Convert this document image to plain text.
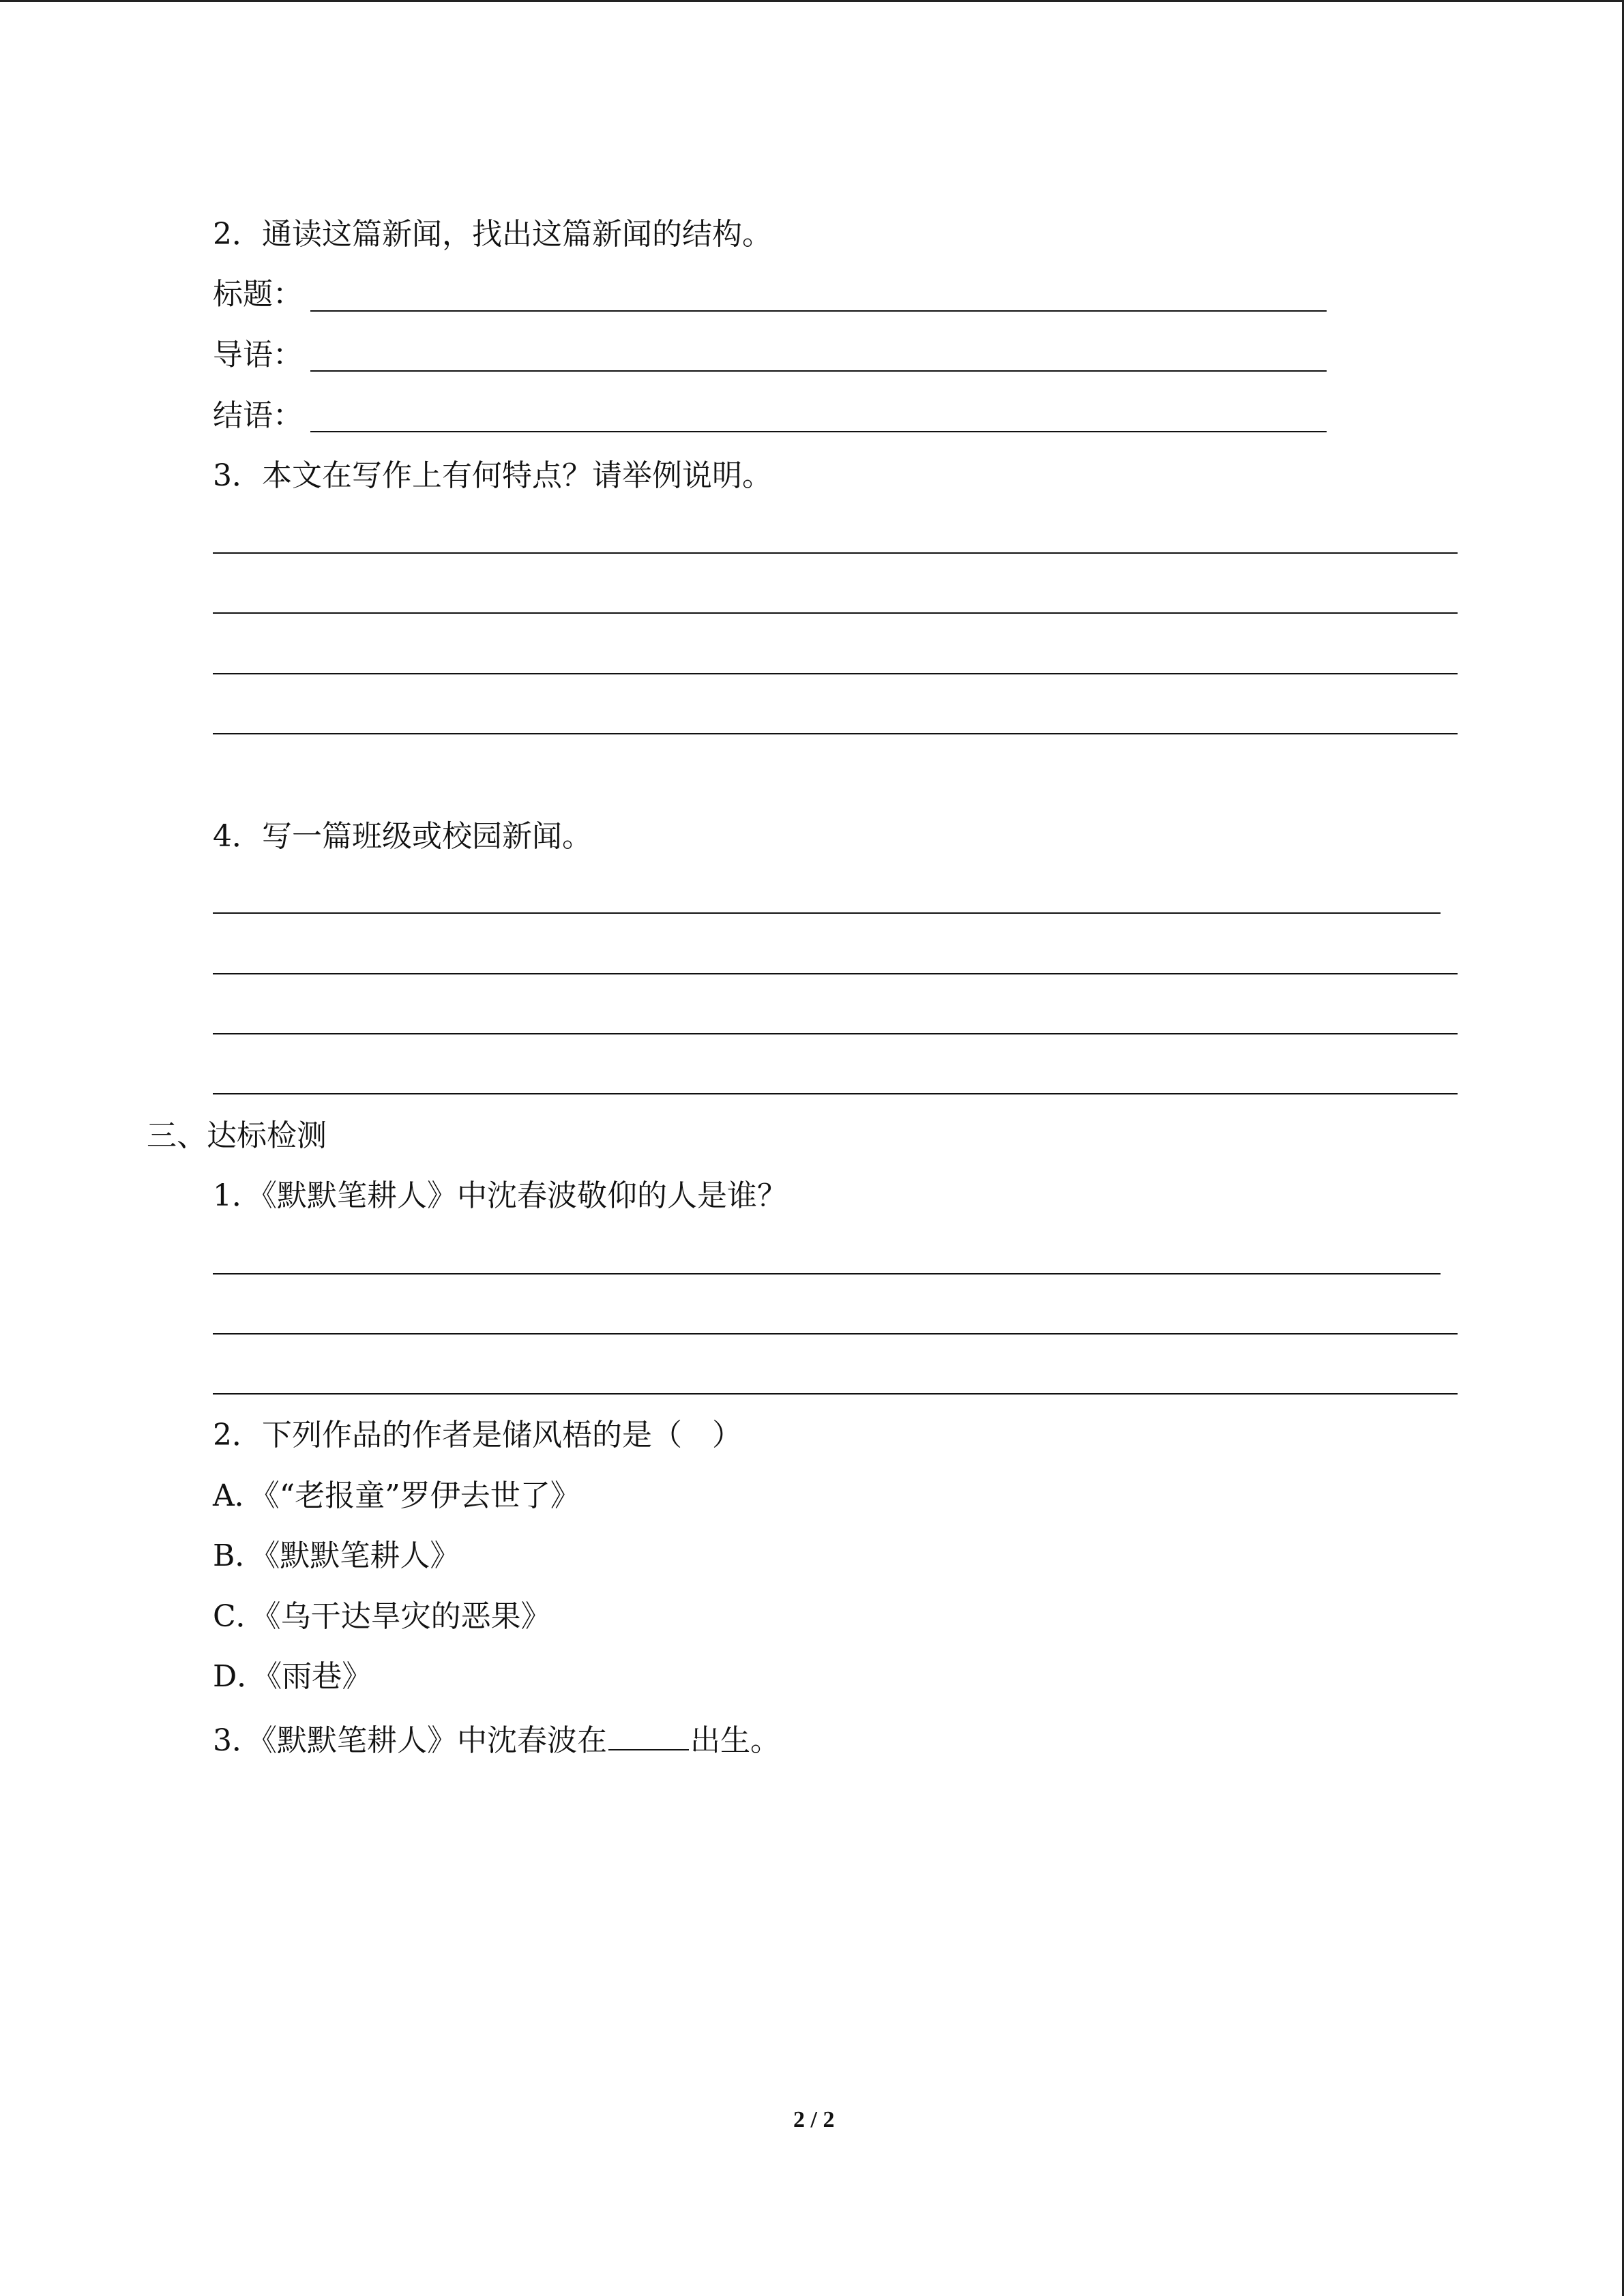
2．通读这篇新闻，找出这篇新闻的结构。
标题：
导语：
结语：
3．本文在写作上有何特点？请举例说明。
4．写一篇班级或校园新闻。
三、达标检测
1．《默默笔耕人》中沈春波敬仰的人是谁？
2．下列作品的作者是储风梧的是（　）
A．《“老报童”罗伊去世了》
B．《默默笔耕人》
C．《乌干达旱灾的恶果》
D．《雨巷》
3．《默默笔耕人》中沈春波在	出生。
2 / 2
